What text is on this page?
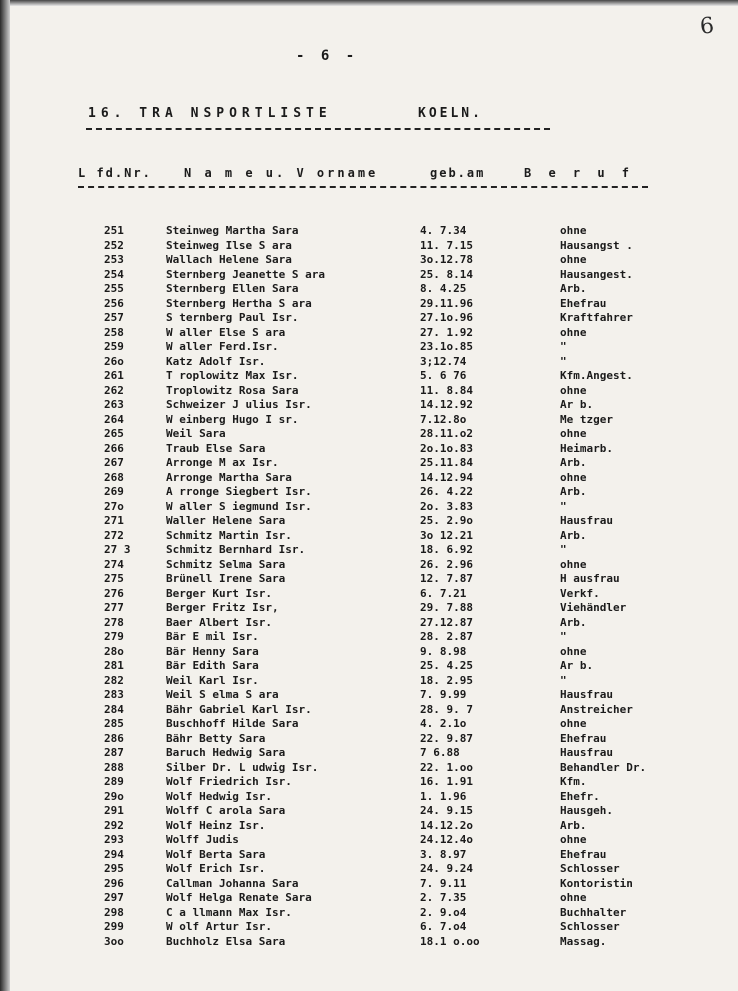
- 6 -
6
16. TRA NSPORTLISTE	KOELN.
L fd.Nr.	N a m e u. V orname	geb.am	B e r u f
251	Steinweg Martha Sara	4. 7.34	ohne
252	Steinweg Ilse S ara	11. 7.15	Hausangst .
253	Wallach Helene Sara	3o.12.78	ohne
254	Sternberg Jeanette S ara	25. 8.14	Hausangest.
255	Sternberg Ellen Sara	8. 4.25	Arb.
256	Sternberg Hertha S ara	29.11.96	Ehefrau
257	S ternberg Paul Isr.	27.1o.96	Kraftfahrer
258	W aller Else S ara	27. 1.92	ohne
259	W aller Ferd.Isr.	23.1o.85	"
26o	Katz Adolf Isr.	3;12.74	"
261	T roplowitz Max Isr.	5. 6 76	Kfm.Angest.
262	Troplowitz Rosa Sara	11. 8.84	ohne
263	Schweizer J ulius Isr.	14.12.92	Ar b.
264	W einberg Hugo I sr.	7.12.8o	Me tzger
265	Weil Sara	28.11.o2	ohne
266	Traub Else Sara	2o.1o.83	Heimarb.
267	Arronge M ax Isr.	25.11.84	Arb.
268	Arronge Martha Sara	14.12.94	ohne
269	A rronge Siegbert Isr.	26. 4.22	Arb.
27o	W aller S iegmund Isr.	2o. 3.83	"
271	Waller Helene Sara	25. 2.9o	Hausfrau
272	Schmitz Martin Isr.	3o 12.21	Arb.
27 3	Schmitz Bernhard Isr.	18. 6.92	"
274	Schmitz Selma Sara	26. 2.96	ohne
275	Brünell Irene Sara	12. 7.87	H ausfrau
276	Berger Kurt Isr.	6. 7.21	Verkf.
277	Berger Fritz Isr,	29. 7.88	Viehändler
278	Baer Albert Isr.	27.12.87	Arb.
279	Bär E mil Isr.	28. 2.87	"
28o	Bär Henny Sara	9. 8.98	ohne
281	Bär Edith Sara	25. 4.25	Ar b.
282	Weil Karl Isr.	18. 2.95	"
283	Weil S elma S ara	7. 9.99	Hausfrau
284	Bähr Gabriel Karl Isr.	28. 9. 7	Anstreicher
285	Buschhoff Hilde Sara	4. 2.1o	ohne
286	Bähr Betty Sara	22. 9.87	Ehefrau
287	Baruch Hedwig Sara	7 6.88	Hausfrau
288	Silber Dr. L udwig Isr.	22. 1.oo	Behandler Dr.
289	Wolf Friedrich Isr.	16. 1.91	Kfm.
29o	Wolf Hedwig Isr.	1. 1.96	Ehefr.
291	Wolff C arola Sara	24. 9.15	Hausgeh.
292	Wolf Heinz Isr.	14.12.2o	Arb.
293	Wolff Judis	24.12.4o	ohne
294	Wolf Berta Sara	3. 8.97	Ehefrau
295	Wolf Erich Isr.	24. 9.24	Schlosser
296	Callman Johanna Sara	7. 9.11	Kontoristin
297	Wolf Helga Renate Sara	2. 7.35	ohne
298	C a llmann Max Isr.	2. 9.o4	Buchhalter
299	W olf Artur Isr.	6. 7.o4	Schlosser
3oo	Buchholz Elsa Sara	18.1 o.oo	Massag.
